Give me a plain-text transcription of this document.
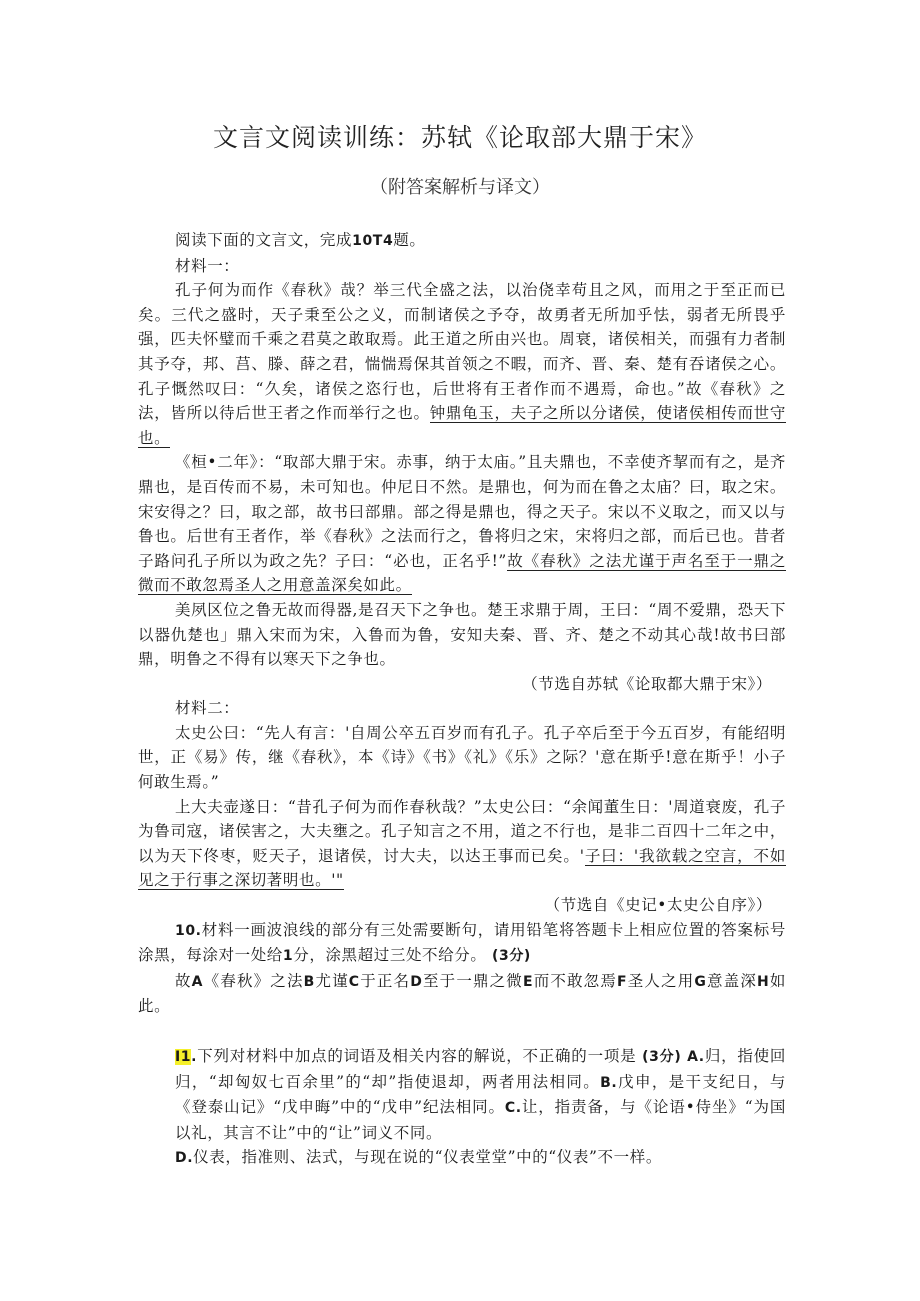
文言文阅读训练：苏轼《论取部大鼎于宋》
（附答案解析与译文）

阅读下面的文言文，完成10T4题。

材料一：

孔子何为而作《春秋》哉？举三代全盛之法，以治侥幸苟且之风，而用之于至正而已矣。三代之盛时，天子秉至公之义，而制诸侯之予夺，故勇者无所加乎怯，弱者无所畏乎强，匹夫怀璧而千乘之君莫之敢取焉。此王道之所由兴也。周衰，诸侯相关，而强有力者制其予夺，邦、莒、滕、薛之君，惴惴焉保其首领之不暇，而齐、晋、秦、楚有吞诸侯之心。孔子慨然叹曰：“久矣，诸侯之恣行也，后世将有王者作而不遇焉，命也。”故《春秋》之法，皆所以待后世王者之作而举行之也。钟鼎龟玉，夫子之所以分诸侯，使诸侯相传而世守也。

《桓•二年》：“取部大鼎于宋。赤事，纳于太庙。”且夫鼎也，不幸使齐挈而有之，是齐鼎也，是百传而不易，未可知也。仲尼日不然。是鼎也，何为而在鲁之太庙？曰，取之宋。宋安得之？曰，取之部，故书曰部鼎。部之得是鼎也，得之天子。宋以不义取之，而又以与鲁也。后世有王者作，举《春秋》之法而行之，鲁将归之宋，宋将归之部，而后已也。昔者子路问孔子所以为政之先？子曰：“必也，正名乎!”故《春秋》之法尤谨于声名至于一鼎之微而不敢忽焉圣人之用意盖深矣如此。

美夙区位之鲁无故而得器,是召天下之争也。楚王求鼎于周，王曰：“周不爱鼎，恐天下以器仇楚也」鼎入宋而为宋，入鲁而为鲁，安知夫秦、晋、齐、楚之不动其心哉!故书曰部鼎，明鲁之不得有以寒天下之争也。

（节选自苏轼《论取都大鼎于宋》）

材料二：

太史公曰：“先人有言：'自周公卒五百岁而有孔子。孔子卒后至于今五百岁，有能绍明世，正《易》传，继《春秋》，本《诗》《书》《礼》《乐》之际？'意在斯乎!意在斯乎！小子何敢生焉。”

上大夫壶遂日：“昔孔子何为而作春秋哉？”太史公曰：“余闻董生日：'周道衰废，孔子为鲁司寇，诸侯害之，大夫壅之。孔子知言之不用，道之不行也，是非二百四十二年之中，以为天下佟枣，贬天子，退诸侯，讨大夫，以达王事而已矣。'子曰：'我欲载之空言，不如见之于行事之深切著明也。'"

（节选自《史记•太史公自序》）

10.材料一画波浪线的部分有三处需要断句，请用铅笔将答题卡上相应位置的答案标号涂黑，每涂对一处给1分，涂黑超过三处不给分。 (3分)

故A《春秋》之法B尤谨C于正名D至于一鼎之微E而不敢忽焉F圣人之用G意盖深H如此。

I1.下列对材料中加点的词语及相关内容的解说，不正确的一项是 (3分) A.归，指使回归，“却匈奴七百余里”的“却”指使退却，两者用法相同。B.戊申，是干支纪日，与《登泰山记》“戊申晦”中的“戊申”纪法相同。C.让，指责备，与《论语•侍坐》“为国以礼，其言不让”中的“让”词义不同。

D.仪表，指准则、法式，与现在说的“仪表堂堂”中的“仪表”不一样。
